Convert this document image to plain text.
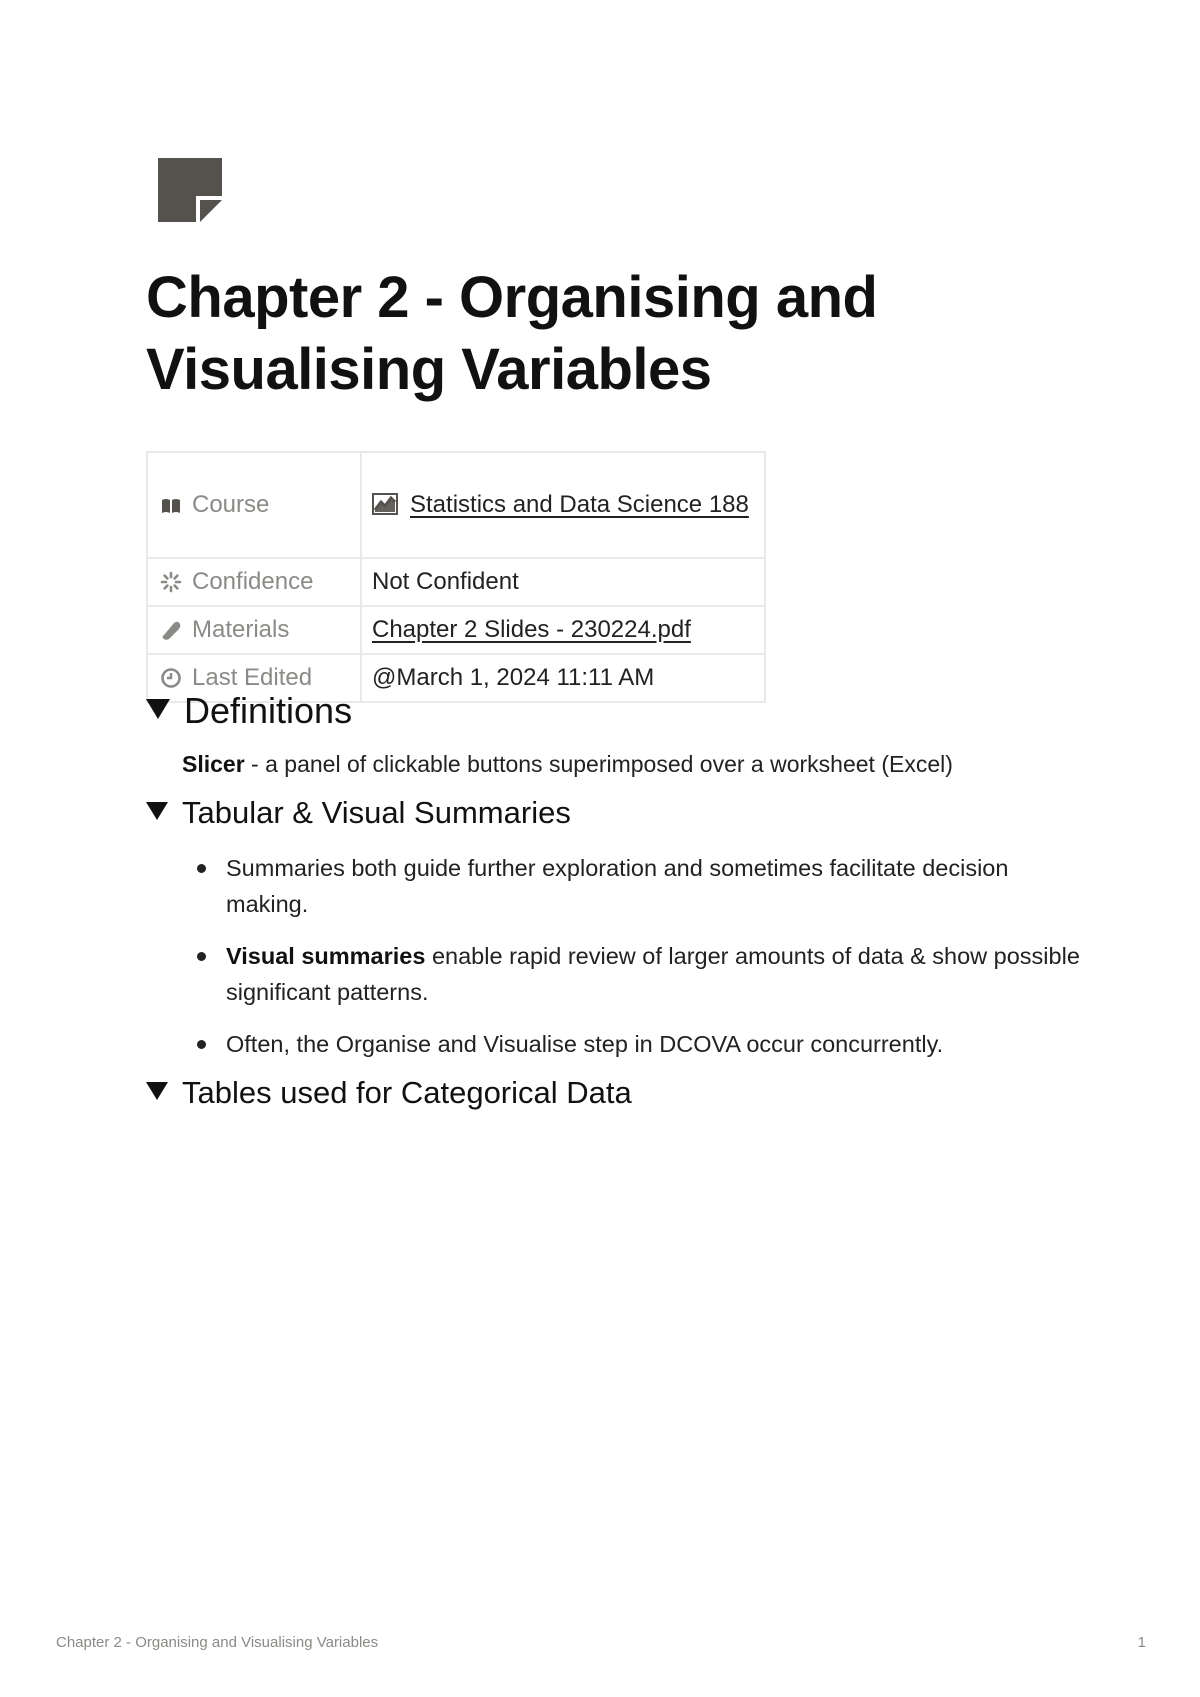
Chapter 2 - Organising and Visualising Variables
Course	Statistics and Data Science 188
Confidence	Not Confident
Materials	Chapter 2 Slides - 230224.pdf
Last Edited	@March 1, 2024 11:11 AM
Definitions
Slicer - a panel of clickable buttons superimposed over a worksheet (Excel)
Tabular & Visual Summaries
Summaries both guide further exploration and sometimes facilitate decision making.
Visual summaries enable rapid review of larger amounts of data & show possible significant patterns.
Often, the Organise and Visualise step in DCOVA occur concurrently.
Tables used for Categorical Data
Chapter 2 - Organising and Visualising Variables	1
